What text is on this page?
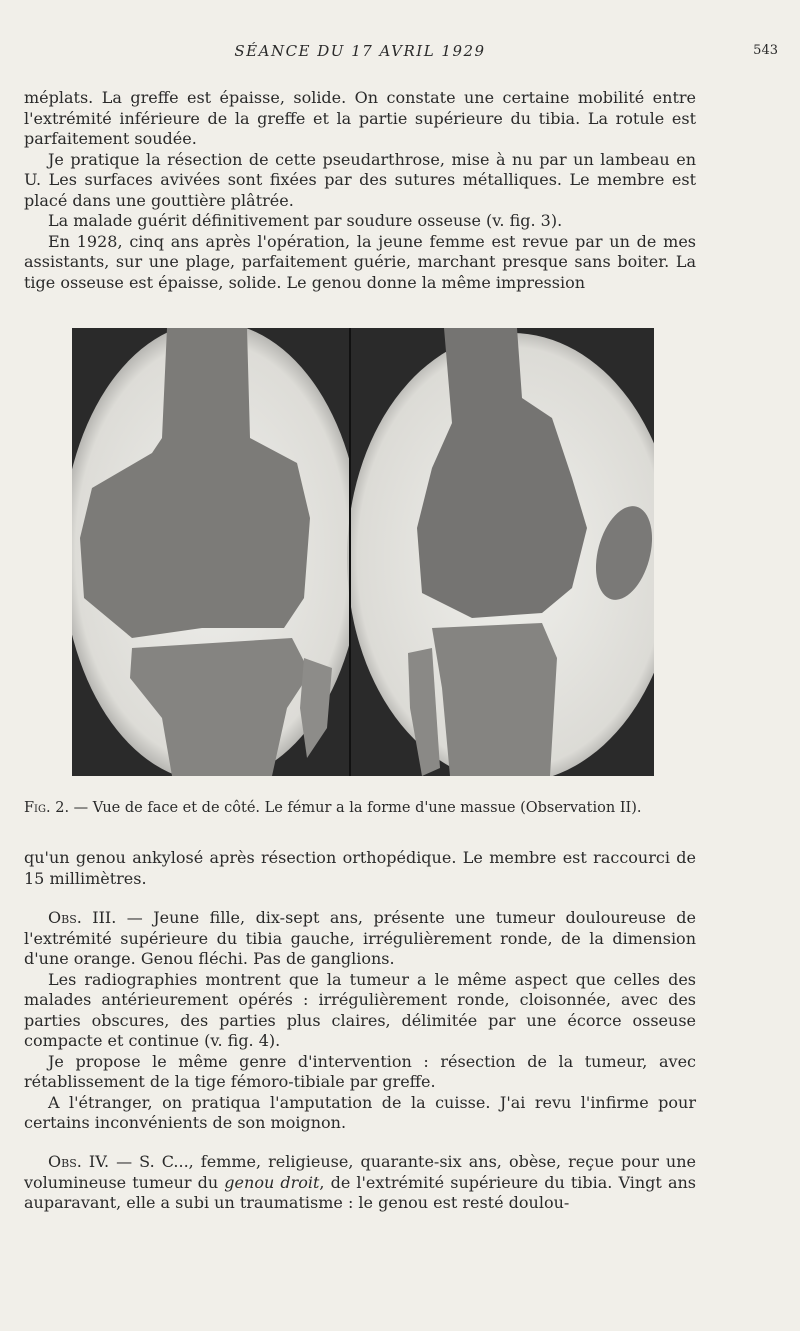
SÉANCE DU 17 AVRIL 1929	543

méplats. La greffe est épaisse, solide. On constate une certaine mobilité entre l'extrémité inférieure de la greffe et la partie supérieure du tibia. La rotule est parfaitement soudée.

Je pratique la résection de cette pseudarthrose, mise à nu par un lambeau en U. Les surfaces avivées sont fixées par des sutures métalliques. Le membre est placé dans une gouttière plâtrée.

La malade guérit définitivement par soudure osseuse (v. fig. 3).

En 1928, cinq ans après l'opération, la jeune femme est revue par un de mes assistants, sur une plage, parfaitement guérie, marchant presque sans boiter. La tige osseuse est épaisse, solide. Le genou donne la même impression

Fig. 2. — Vue de face et de côté. Le fémur a la forme d'une massue (Observation II).

qu'un genou ankylosé après résection orthopédique. Le membre est raccourci de 15 millimètres.

Obs. III. — Jeune fille, dix-sept ans, présente une tumeur douloureuse de l'extrémité supérieure du tibia gauche, irrégulièrement ronde, de la dimension d'une orange. Genou fléchi. Pas de ganglions.

Les radiographies montrent que la tumeur a le même aspect que celles des malades antérieurement opérés : irrégulièrement ronde, cloisonnée, avec des parties obscures, des parties plus claires, délimitée par une écorce osseuse compacte et continue (v. fig. 4).

Je propose le même genre d'intervention : résection de la tumeur, avec rétablissement de la tige fémoro-tibiale par greffe.

A l'étranger, on pratiqua l'amputation de la cuisse. J'ai revu l'infirme pour certains inconvénients de son moignon.

Obs. IV. — S. C..., femme, religieuse, quarante-six ans, obèse, reçue pour une volumineuse tumeur du genou droit, de l'extrémité supérieure du tibia. Vingt ans auparavant, elle a subi un traumatisme : le genou est resté doulou-
